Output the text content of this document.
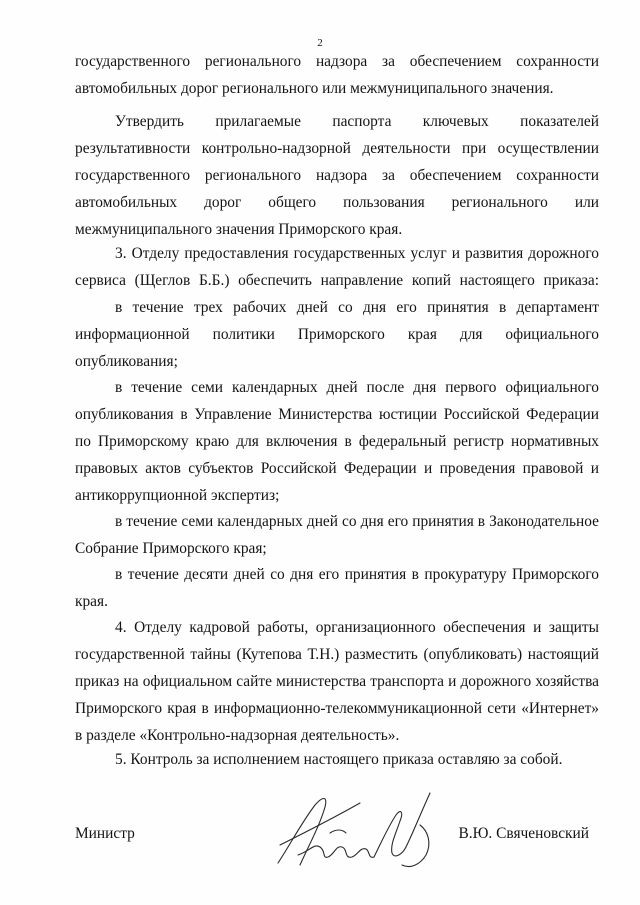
2

государственного регионального надзора за обеспечением сохранности
автомобильных дорог регионального или межмуниципального значения.

Утвердить прилагаемые паспорта ключевых показателей
результативности контрольно-надзорной деятельности при осуществлении
государственного регионального надзора за обеспечением сохранности
автомобильных дорог общего пользования регионального или
межмуниципального значения Приморского края.

3. Отделу предоставления государственных услуг и развития дорожного
сервиса (Щеглов Б.Б.) обеспечить направление копий настоящего приказа:

в течение трех рабочих дней со дня его принятия в департамент
информационной политики Приморского края для официального
опубликования;

в течение семи календарных дней после дня первого официального
опубликования в Управление Министерства юстиции Российской Федерации
по Приморскому краю для включения в федеральный регистр нормативных
правовых актов субъектов Российской Федерации и проведения правовой и
антикоррупционной экспертиз;

в течение семи календарных дней со дня его принятия в Законодательное
Собрание Приморского края;

в течение десяти дней со дня его принятия в прокуратуру Приморского
края.

4. Отделу кадровой работы, организационного обеспечения и защиты
государственной тайны (Кутепова Т.Н.) разместить (опубликовать) настоящий
приказ на официальном сайте министерства транспорта и дорожного хозяйства
Приморского края в информационно-телекоммуникационной сети «Интернет»
в разделе «Контрольно-надзорная деятельность».

5. Контроль за исполнением настоящего приказа оставляю за собой.

Министр	В.Ю. Свяченовский
